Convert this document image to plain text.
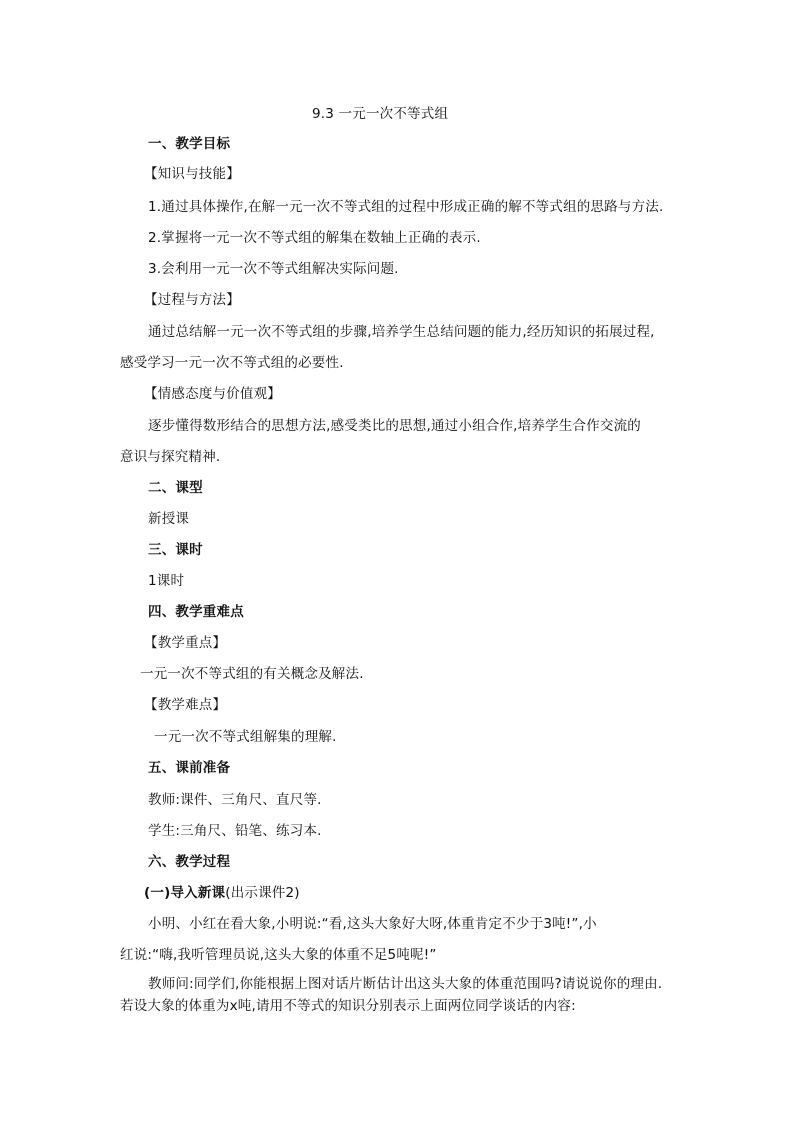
9.3 一元一次不等式组
一、教学目标
【知识与技能】
1.通过具体操作,在解一元一次不等式组的过程中形成正确的解不等式组的思路与方法.
2.掌握将一元一次不等式组的解集在数轴上正确的表示.
3.会利用一元一次不等式组解决实际问题.
【过程与方法】
通过总结解一元一次不等式组的步骤,培养学生总结问题的能力,经历知识的拓展过程,
感受学习一元一次不等式组的必要性.
【情感态度与价值观】
逐步懂得数形结合的思想方法,感受类比的思想,通过小组合作,培养学生合作交流的
意识与探究精神.
二、课型
新授课
三、课时
1课时
四、教学重难点
【教学重点】
一元一次不等式组的有关概念及解法.
【教学难点】
一元一次不等式组解集的理解.
五、课前准备
教师:课件、三角尺、直尺等.
学生:三角尺、铅笔、练习本.
六、教学过程
(一)导入新课(出示课件2)
小明、小红在看大象,小明说:“看,这头大象好大呀,体重肯定不少于3吨!”,小
红说:“嗨,我听管理员说,这头大象的体重不足5吨呢!”
教师问:同学们,你能根据上图对话片断估计出这头大象的体重范围吗?请说说你的理由.
若设大象的体重为x吨,请用不等式的知识分别表示上面两位同学谈话的内容:
